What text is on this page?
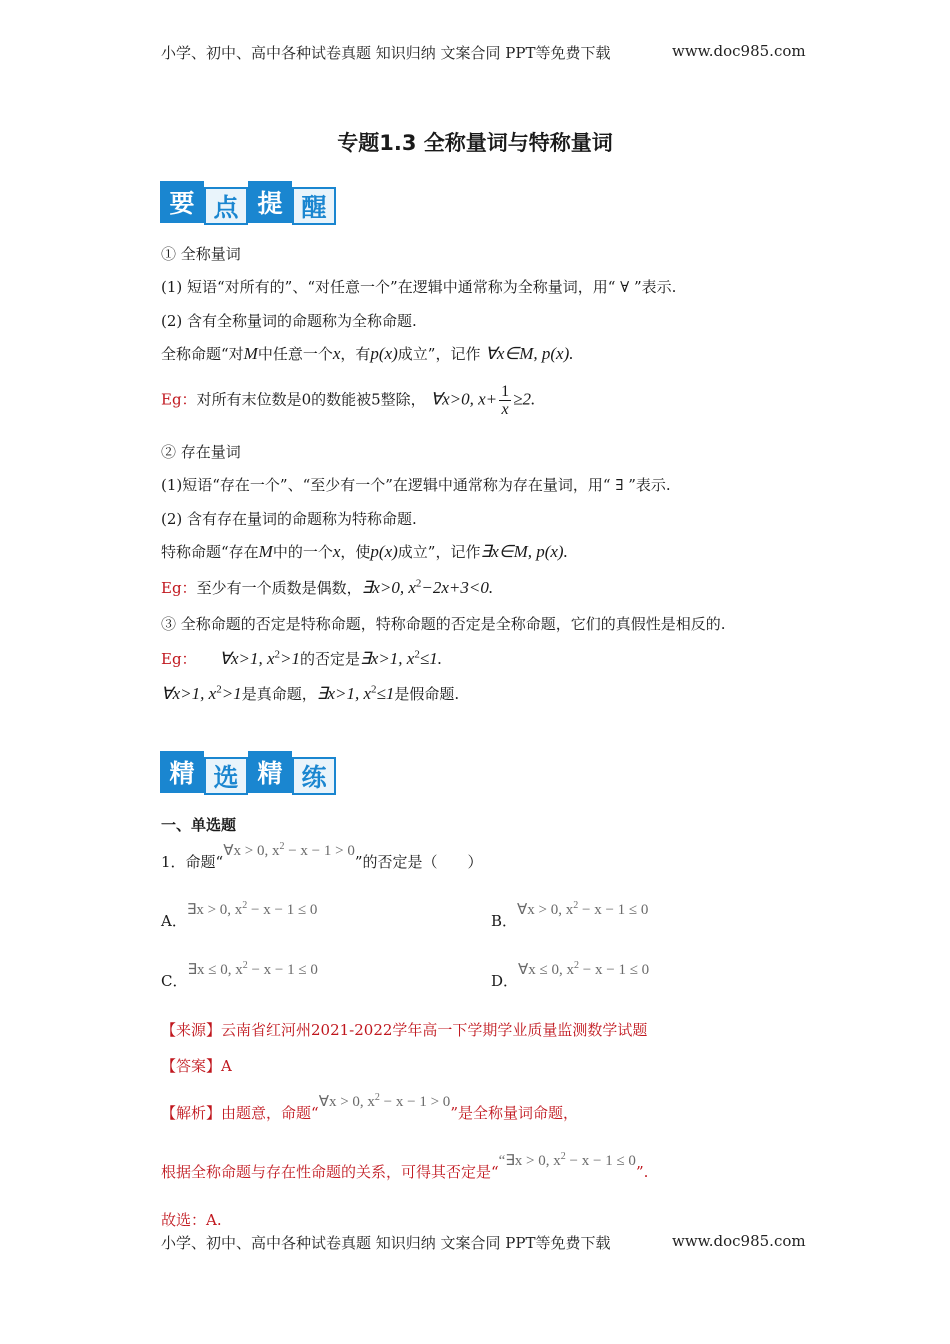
小学、初中、高中各种试卷真题 知识归纳 文案合同 PPT等免费下载	www.doc985.com
专题1.3 全称量词与特称量词
要 点 提 醒
① 全称量词
(1) 短语“对所有的”、“对任意一个”在逻辑中通常称为全称量词，用“ ∀ ”表示.
(2) 含有全称量词的命题称为全称命题.
全称命题“对M中任意一个x，有p(x)成立”，记作 ∀x∈M, p(x).
Eg：对所有末位数是0的数能被5整除， ∀x>0, $x+ \frac{1}{x} \ge 2$.
② 存在量词
(1)短语“存在一个”、“至少有一个”在逻辑中通常称为存在量词，用“ ∃ ”表示.
(2) 含有存在量词的命题称为特称命题.
特称命题“存在M中的一个x，使p(x)成立”，记作∃x∈M, p(x).
Eg：至少有一个质数是偶数，∃x>0, $x^2-2x+3<0$.
③ 全称命题的否定是特称命题，特称命题的否定是全称命题，它们的真假性是相反的.
Eg： ∀x>1, $x^2>1$的否定是∃x>1, $x^2\le 1$.
∀x>1, $x^2>1$是真命题，∃x>1, $x^2\le 1$是假命题.
精 选 精 练
一、单选题
1．命题“∀x > 0, $x^2 - x - 1 > 0$”的否定是（　　）
A．∃x > 0, $x^2 - x - 1 \le 0$
B．∀x > 0, $x^2 - x - 1 \le 0$
C．∃x ≤ 0, $x^2 - x - 1 \le 0$
D．∀x ≤ 0, $x^2 - x - 1 \le 0$
【来源】云南省红河州2021-2022学年高一下学期学业质量监测数学试题
【答案】A
【解析】由题意，命题“∀x > 0, $x^2 - x - 1 > 0$”是全称量词命题，
根据全称命题与存在性命题的关系，可得其否定是““∃x > 0, $x^2 - x - 1 \le 0$”.
故选：A.
小学、初中、高中各种试卷真题 知识归纳 文案合同 PPT等免费下载	www.doc985.com
